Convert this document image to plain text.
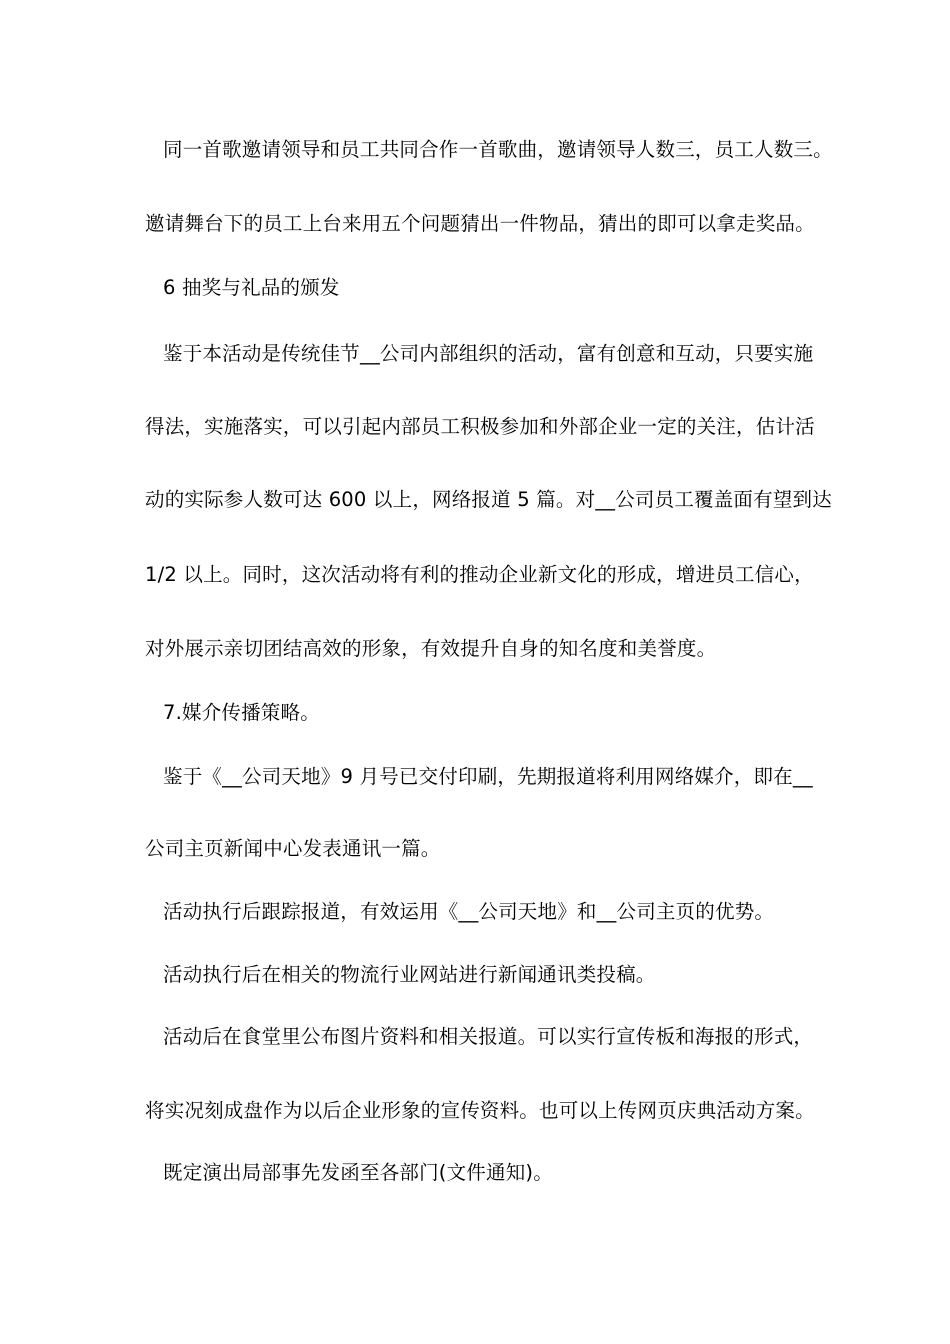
同一首歌邀请领导和员工共同合作一首歌曲，邀请领导人数三，员工人数三。
邀请舞台下的员工上台来用五个问题猜出一件物品，猜出的即可以拿走奖品。
6 抽奖与礼品的颁发
鉴于本活动是传统佳节__公司内部组织的活动，富有创意和互动，只要实施
得法，实施落实，可以引起内部员工积极参加和外部企业一定的关注，估计活
动的实际参人数可达 600 以上，网络报道 5 篇。对__公司员工覆盖面有望到达
1/2 以上。同时，这次活动将有利的推动企业新文化的形成，增进员工信心，
对外展示亲切团结高效的形象，有效提升自身的知名度和美誉度。
7.媒介传播策略。
鉴于《__公司天地》9 月号已交付印刷，先期报道将利用网络媒介，即在__
公司主页新闻中心发表通讯一篇。
活动执行后跟踪报道，有效运用《__公司天地》和__公司主页的优势。
活动执行后在相关的物流行业网站进行新闻通讯类投稿。
活动后在食堂里公布图片资料和相关报道。可以实行宣传板和海报的形式，
将实况刻成盘作为以后企业形象的宣传资料。也可以上传网页庆典活动方案。
既定演出局部事先发函至各部门(文件通知)。
